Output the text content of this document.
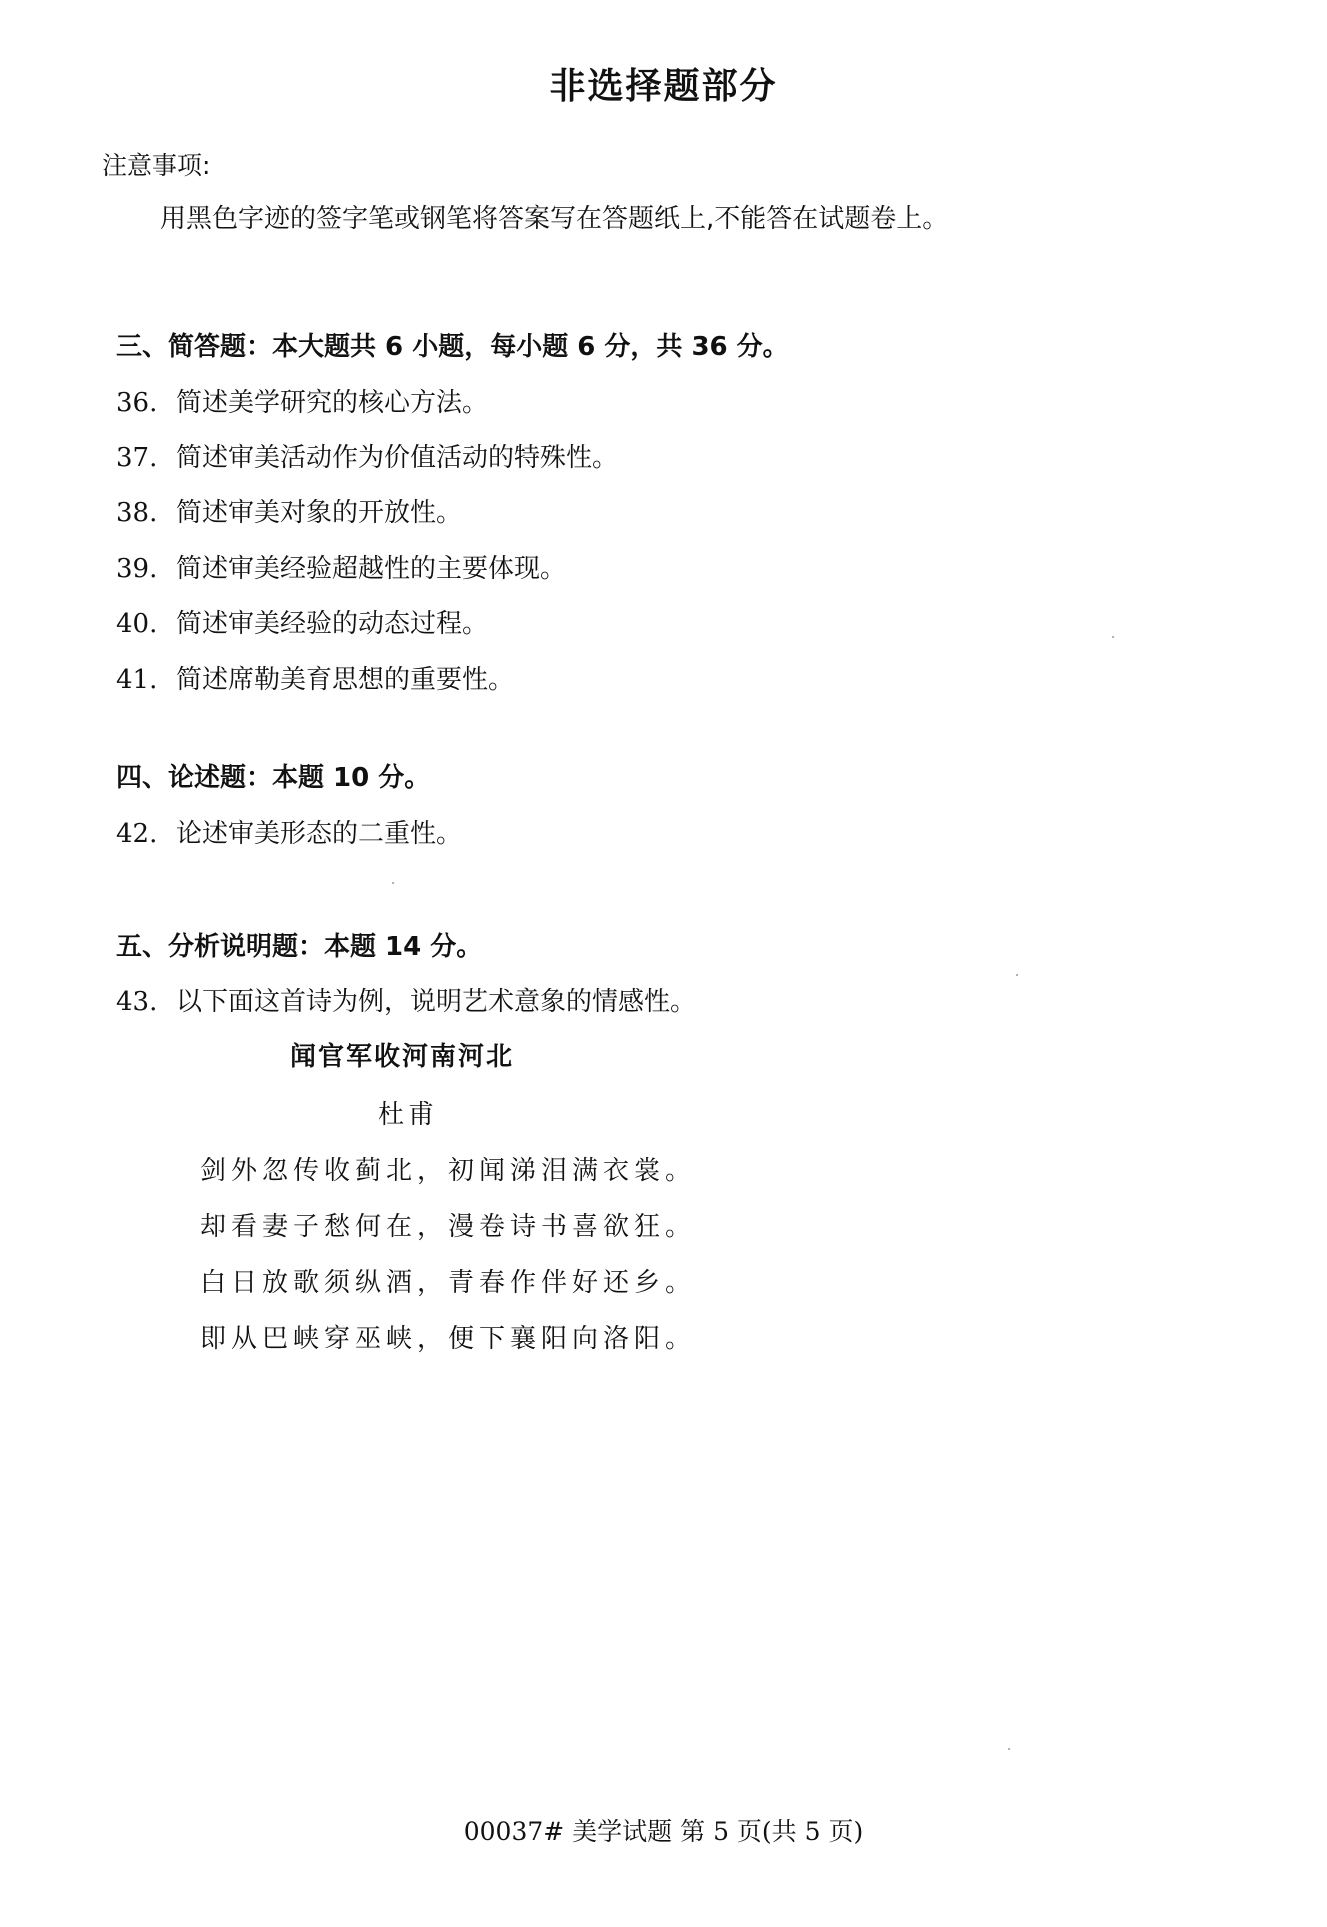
非选择题部分
注意事项:
用黑色字迹的签字笔或钢笔将答案写在答题纸上,不能答在试题卷上。
三、简答题：本大题共 6 小题，每小题 6 分，共 36 分。
36. 简述美学研究的核心方法。
37. 简述审美活动作为价值活动的特殊性。
38. 简述审美对象的开放性。
39. 简述审美经验超越性的主要体现。
40. 简述审美经验的动态过程。
41. 简述席勒美育思想的重要性。
四、论述题：本题 10 分。
42. 论述审美形态的二重性。
五、分析说明题：本题 14 分。
43. 以下面这首诗为例，说明艺术意象的情感性。
闻官军收河南河北
杜甫
剑外忽传收蓟北，初闻涕泪满衣裳。
却看妻子愁何在，漫卷诗书喜欲狂。
白日放歌须纵酒，青春作伴好还乡。
即从巴峡穿巫峡，便下襄阳向洛阳。
00037# 美学试题 第 5 页(共 5 页)
